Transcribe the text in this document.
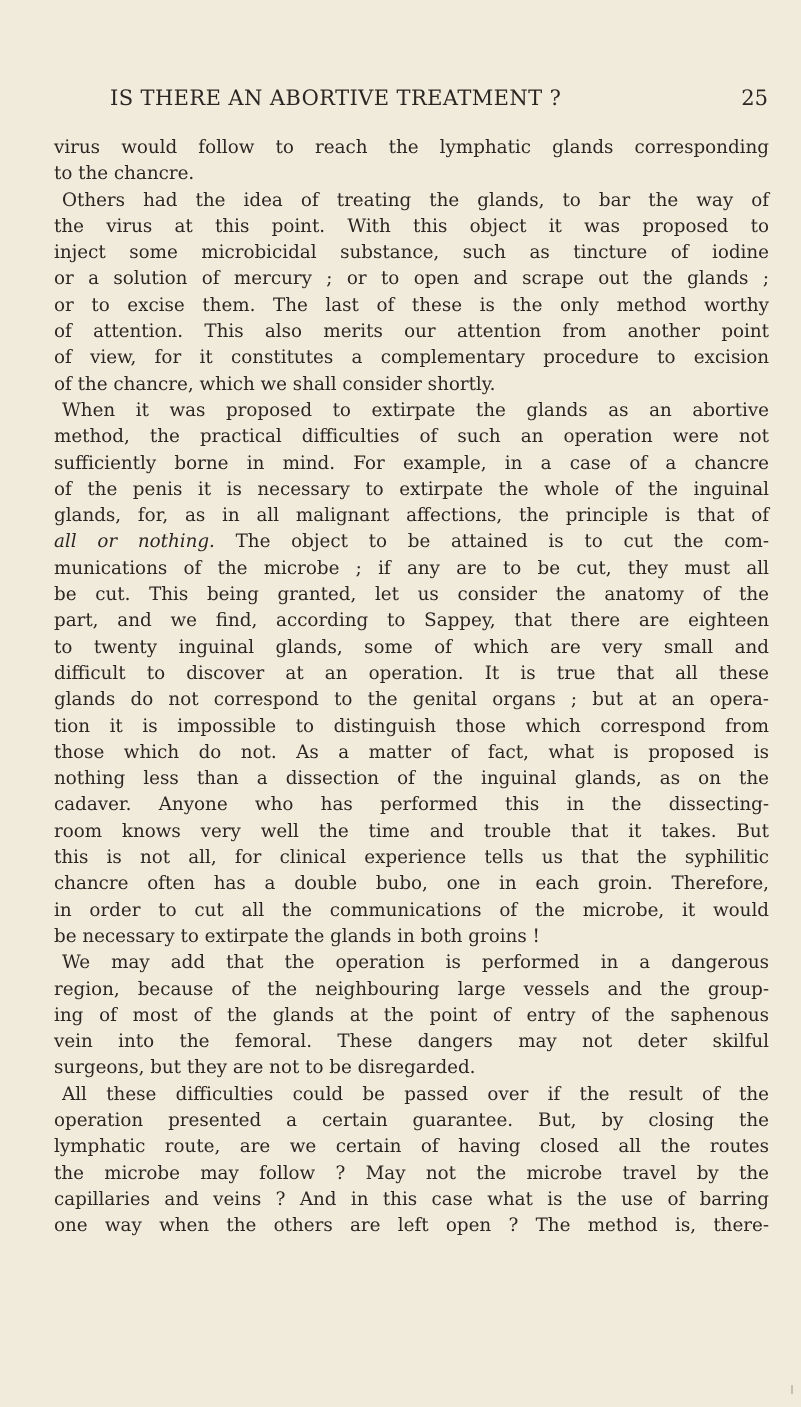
IS THERE AN ABORTIVE TREATMENT ?	25
virus would follow to reach the lymphatic glands corresponding
to the chancre.
Others had the idea of treating the glands, to bar the way of
the virus at this point. With this object it was proposed to
inject some microbicidal substance, such as tincture of iodine
or a solution of mercury ; or to open and scrape out the glands ;
or to excise them. The last of these is the only method worthy
of attention. This also merits our attention from another point
of view, for it constitutes a complementary procedure to excision
of the chancre, which we shall consider shortly.
When it was proposed to extirpate the glands as an abortive
method, the practical difficulties of such an operation were not
sufficiently borne in mind. For example, in a case of a chancre
of the penis it is necessary to extirpate the whole of the inguinal
glands, for, as in all malignant affections, the principle is that of
all or nothing. The object to be attained is to cut the com-
munications of the microbe ; if any are to be cut, they must all
be cut. This being granted, let us consider the anatomy of the
part, and we find, according to Sappey, that there are eighteen
to twenty inguinal glands, some of which are very small and
difficult to discover at an operation. It is true that all these
glands do not correspond to the genital organs ; but at an opera-
tion it is impossible to distinguish those which correspond from
those which do not. As a matter of fact, what is proposed is
nothing less than a dissection of the inguinal glands, as on the
cadaver. Anyone who has performed this in the dissecting-
room knows very well the time and trouble that it takes. But
this is not all, for clinical experience tells us that the syphilitic
chancre often has a double bubo, one in each groin. Therefore,
in order to cut all the communications of the microbe, it would
be necessary to extirpate the glands in both groins !
We may add that the operation is performed in a dangerous
region, because of the neighbouring large vessels and the group-
ing of most of the glands at the point of entry of the saphenous
vein into the femoral. These dangers may not deter skilful
surgeons, but they are not to be disregarded.
All these difficulties could be passed over if the result of the
operation presented a certain guarantee. But, by closing the
lymphatic route, are we certain of having closed all the routes
the microbe may follow ? May not the microbe travel by the
capillaries and veins ? And in this case what is the use of barring
one way when the others are left open ? The method is, there-
